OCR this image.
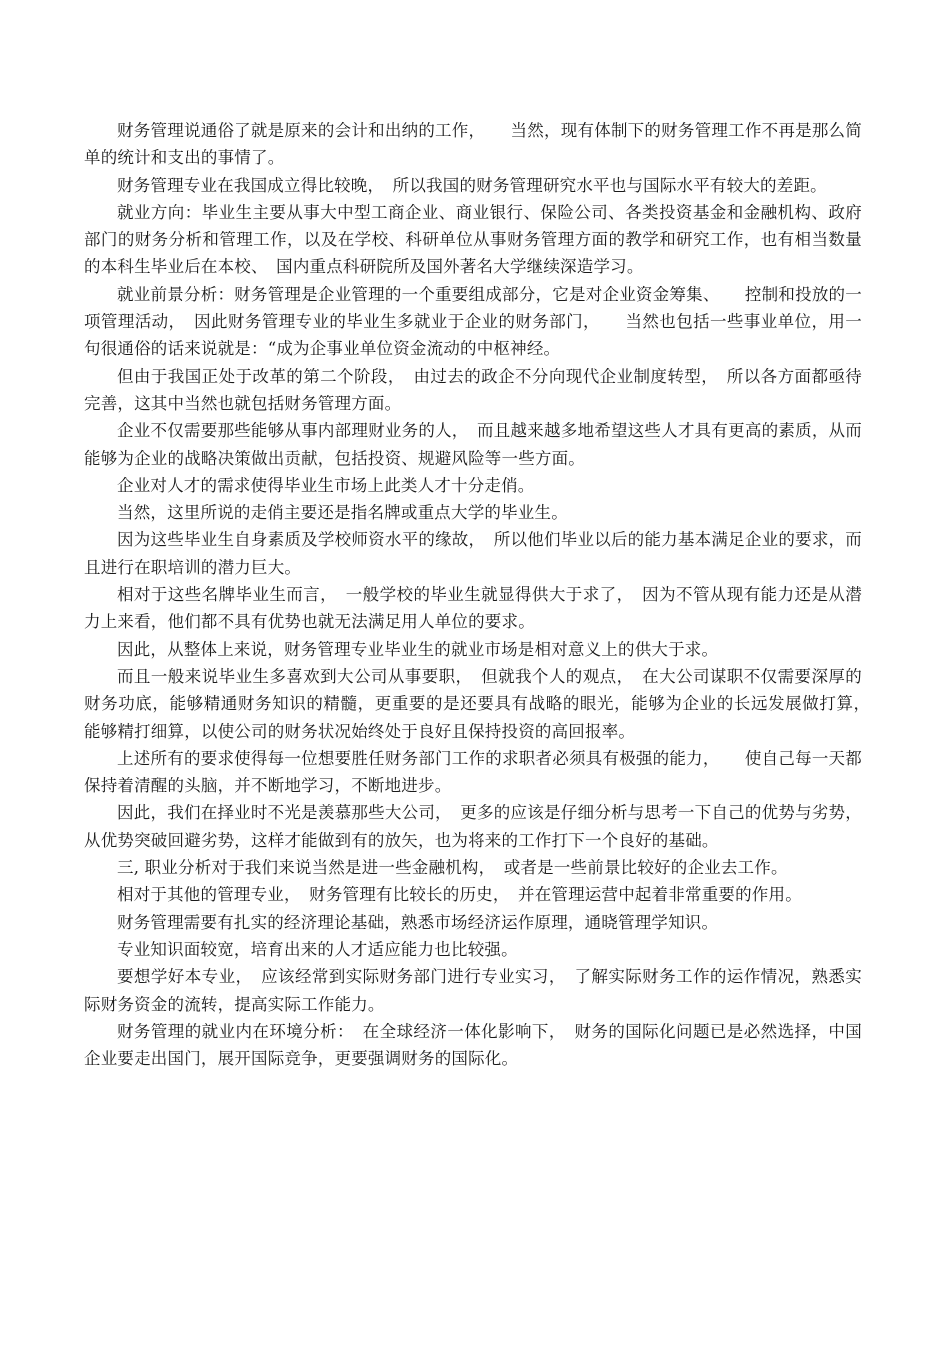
财务管理说通俗了就是原来的会计和出纳的工作，　　当然，现有体制下的财务管理工作不再是那么简单的统计和支出的事情了。

财务管理专业在我国成立得比较晚，　所以我国的财务管理研究水平也与国际水平有较大的差距。

就业方向：毕业生主要从事大中型工商企业、商业银行、保险公司、各类投资基金和金融机构、政府部门的财务分析和管理工作，以及在学校、科研单位从事财务管理方面的教学和研究工作，也有相当数量的本科生毕业后在本校、　国内重点科研院所及国外著名大学继续深造学习。

就业前景分析：财务管理是企业管理的一个重要组成部分，它是对企业资金筹集、　　控制和投放的一项管理活动，　因此财务管理专业的毕业生多就业于企业的财务部门，　　当然也包括一些事业单位，用一句很通俗的话来说就是：“成为企事业单位资金流动的中枢神经。

但由于我国正处于改革的第二个阶段，　由过去的政企不分向现代企业制度转型，　所以各方面都亟待完善，这其中当然也就包括财务管理方面。

企业不仅需要那些能够从事内部理财业务的人，　而且越来越多地希望这些人才具有更高的素质，从而能够为企业的战略决策做出贡献，包括投资、规避风险等一些方面。

企业对人才的需求使得毕业生市场上此类人才十分走俏。

当然，这里所说的走俏主要还是指名牌或重点大学的毕业生。

因为这些毕业生自身素质及学校师资水平的缘故，　所以他们毕业以后的能力基本满足企业的要求，而且进行在职培训的潜力巨大。

相对于这些名牌毕业生而言，　一般学校的毕业生就显得供大于求了，　因为不管从现有能力还是从潜力上来看，他们都不具有优势也就无法满足用人单位的要求。

因此，从整体上来说，财务管理专业毕业生的就业市场是相对意义上的供大于求。

而且一般来说毕业生多喜欢到大公司从事要职，　但就我个人的观点，　在大公司谋职不仅需要深厚的财务功底，能够精通财务知识的精髓，更重要的是还要具有战略的眼光，能够为企业的长远发展做打算，　能够精打细算，以使公司的财务状况始终处于良好且保持投资的高回报率。

上述所有的要求使得每一位想要胜任财务部门工作的求职者必须具有极强的能力，　　使自己每一天都保持着清醒的头脑，并不断地学习，不断地进步。

因此，我们在择业时不光是羡慕那些大公司，　更多的应该是仔细分析与思考一下自己的优势与劣势，从优势突破回避劣势，这样才能做到有的放矢，也为将来的工作打下一个良好的基础。

三, 职业分析对于我们来说当然是进一些金融机构，　或者是一些前景比较好的企业去工作。

相对于其他的管理专业，　财务管理有比较长的历史，　并在管理运营中起着非常重要的作用。

财务管理需要有扎实的经济理论基础，熟悉市场经济运作原理，通晓管理学知识。

专业知识面较宽，培育出来的人才适应能力也比较强。

要想学好本专业，　应该经常到实际财务部门进行专业实习，　了解实际财务工作的运作情况，熟悉实际财务资金的流转，提高实际工作能力。

财务管理的就业内在环境分析：　在全球经济一体化影响下，　财务的国际化问题已是必然选择，中国企业要走出国门，展开国际竞争，更要强调财务的国际化。
